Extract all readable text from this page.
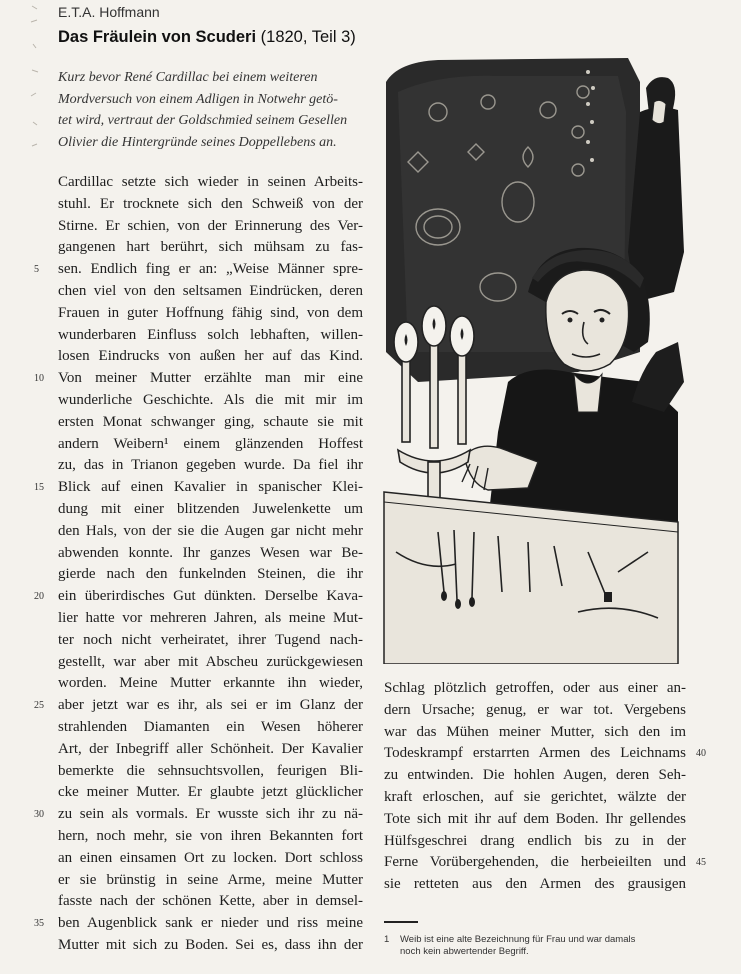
E.T.A. Hoffmann
Das Fräulein von Scuderi (1820, Teil 3)
Kurz bevor René Cardillac bei einem weiteren
Mordversuch von einem Adligen in Notwehr getö-
tet wird, vertraut der Goldschmied seinem Gesellen
Olivier die Hintergründe seines Doppellebens an.
Cardillac setzte sich wieder in seinen Arbeits-
stuhl. Er trocknete sich den Schweiß von der
Stirne. Er schien, von der Erinnerung des Ver-
gangenen hart berührt, sich mühsam zu fas-
sen. Endlich fing er an: „Weise Männer spre-
5
chen viel von den seltsamen Eindrücken, deren
Frauen in guter Hoffnung fähig sind, von dem
wunderbaren Einfluss solch lebhaften, willen-
losen Eindrucks von außen her auf das Kind.
Von meiner Mutter erzählte man mir eine
10
wunderliche Geschichte. Als die mit mir im
ersten Monat schwanger ging, schaute sie mit
andern Weibern¹ einem glänzenden Hoffest
zu, das in Trianon gegeben wurde. Da fiel ihr
Blick auf einen Kavalier in spanischer Klei-
15
dung mit einer blitzenden Juwelenkette um
den Hals, von der sie die Augen gar nicht mehr
abwenden konnte. Ihr ganzes Wesen war Be-
gierde nach den funkelnden Steinen, die ihr
ein überirdisches Gut dünkten. Derselbe Kava-
20
lier hatte vor mehreren Jahren, als meine Mut-
ter noch nicht verheiratet, ihrer Tugend nach-
gestellt, war aber mit Abscheu zurückgewiesen
worden. Meine Mutter erkannte ihn wieder,
aber jetzt war es ihr, als sei er im Glanz der
25
strahlenden Diamanten ein Wesen höherer
Art, der Inbegriff aller Schönheit. Der Kavalier
bemerkte die sehnsuchtsvollen, feurigen Bli-
cke meiner Mutter. Er glaubte jetzt glücklicher
zu sein als vormals. Er wusste sich ihr zu nä-
30
hern, noch mehr, sie von ihren Bekannten fort
an einen einsamen Ort zu locken. Dort schloss
er sie brünstig in seine Arme, meine Mutter
fasste nach der schönen Kette, aber in demsel-
ben Augenblick sank er nieder und riss meine
35
Mutter mit sich zu Boden. Sei es, dass ihn der
Schlag plötzlich getroffen, oder aus einer an-
dern Ursache; genug, er war tot. Vergebens
war das Mühen meiner Mutter, sich den im
Todeskrampf erstarrten Armen des Leichnams 40
zu entwinden. Die hohlen Augen, deren Seh-
kraft erloschen, auf sie gerichtet, wälzte der
Tote sich mit ihr auf dem Boden. Ihr gellendes
Hülfsgeschrei drang endlich bis zu in der
Ferne Vorübergehenden, die herbeieilten und 45
sie retteten aus den Armen des grausigen
1 Weib ist eine alte Bezeichnung für Frau und war damals
noch kein abwertender Begriff.
